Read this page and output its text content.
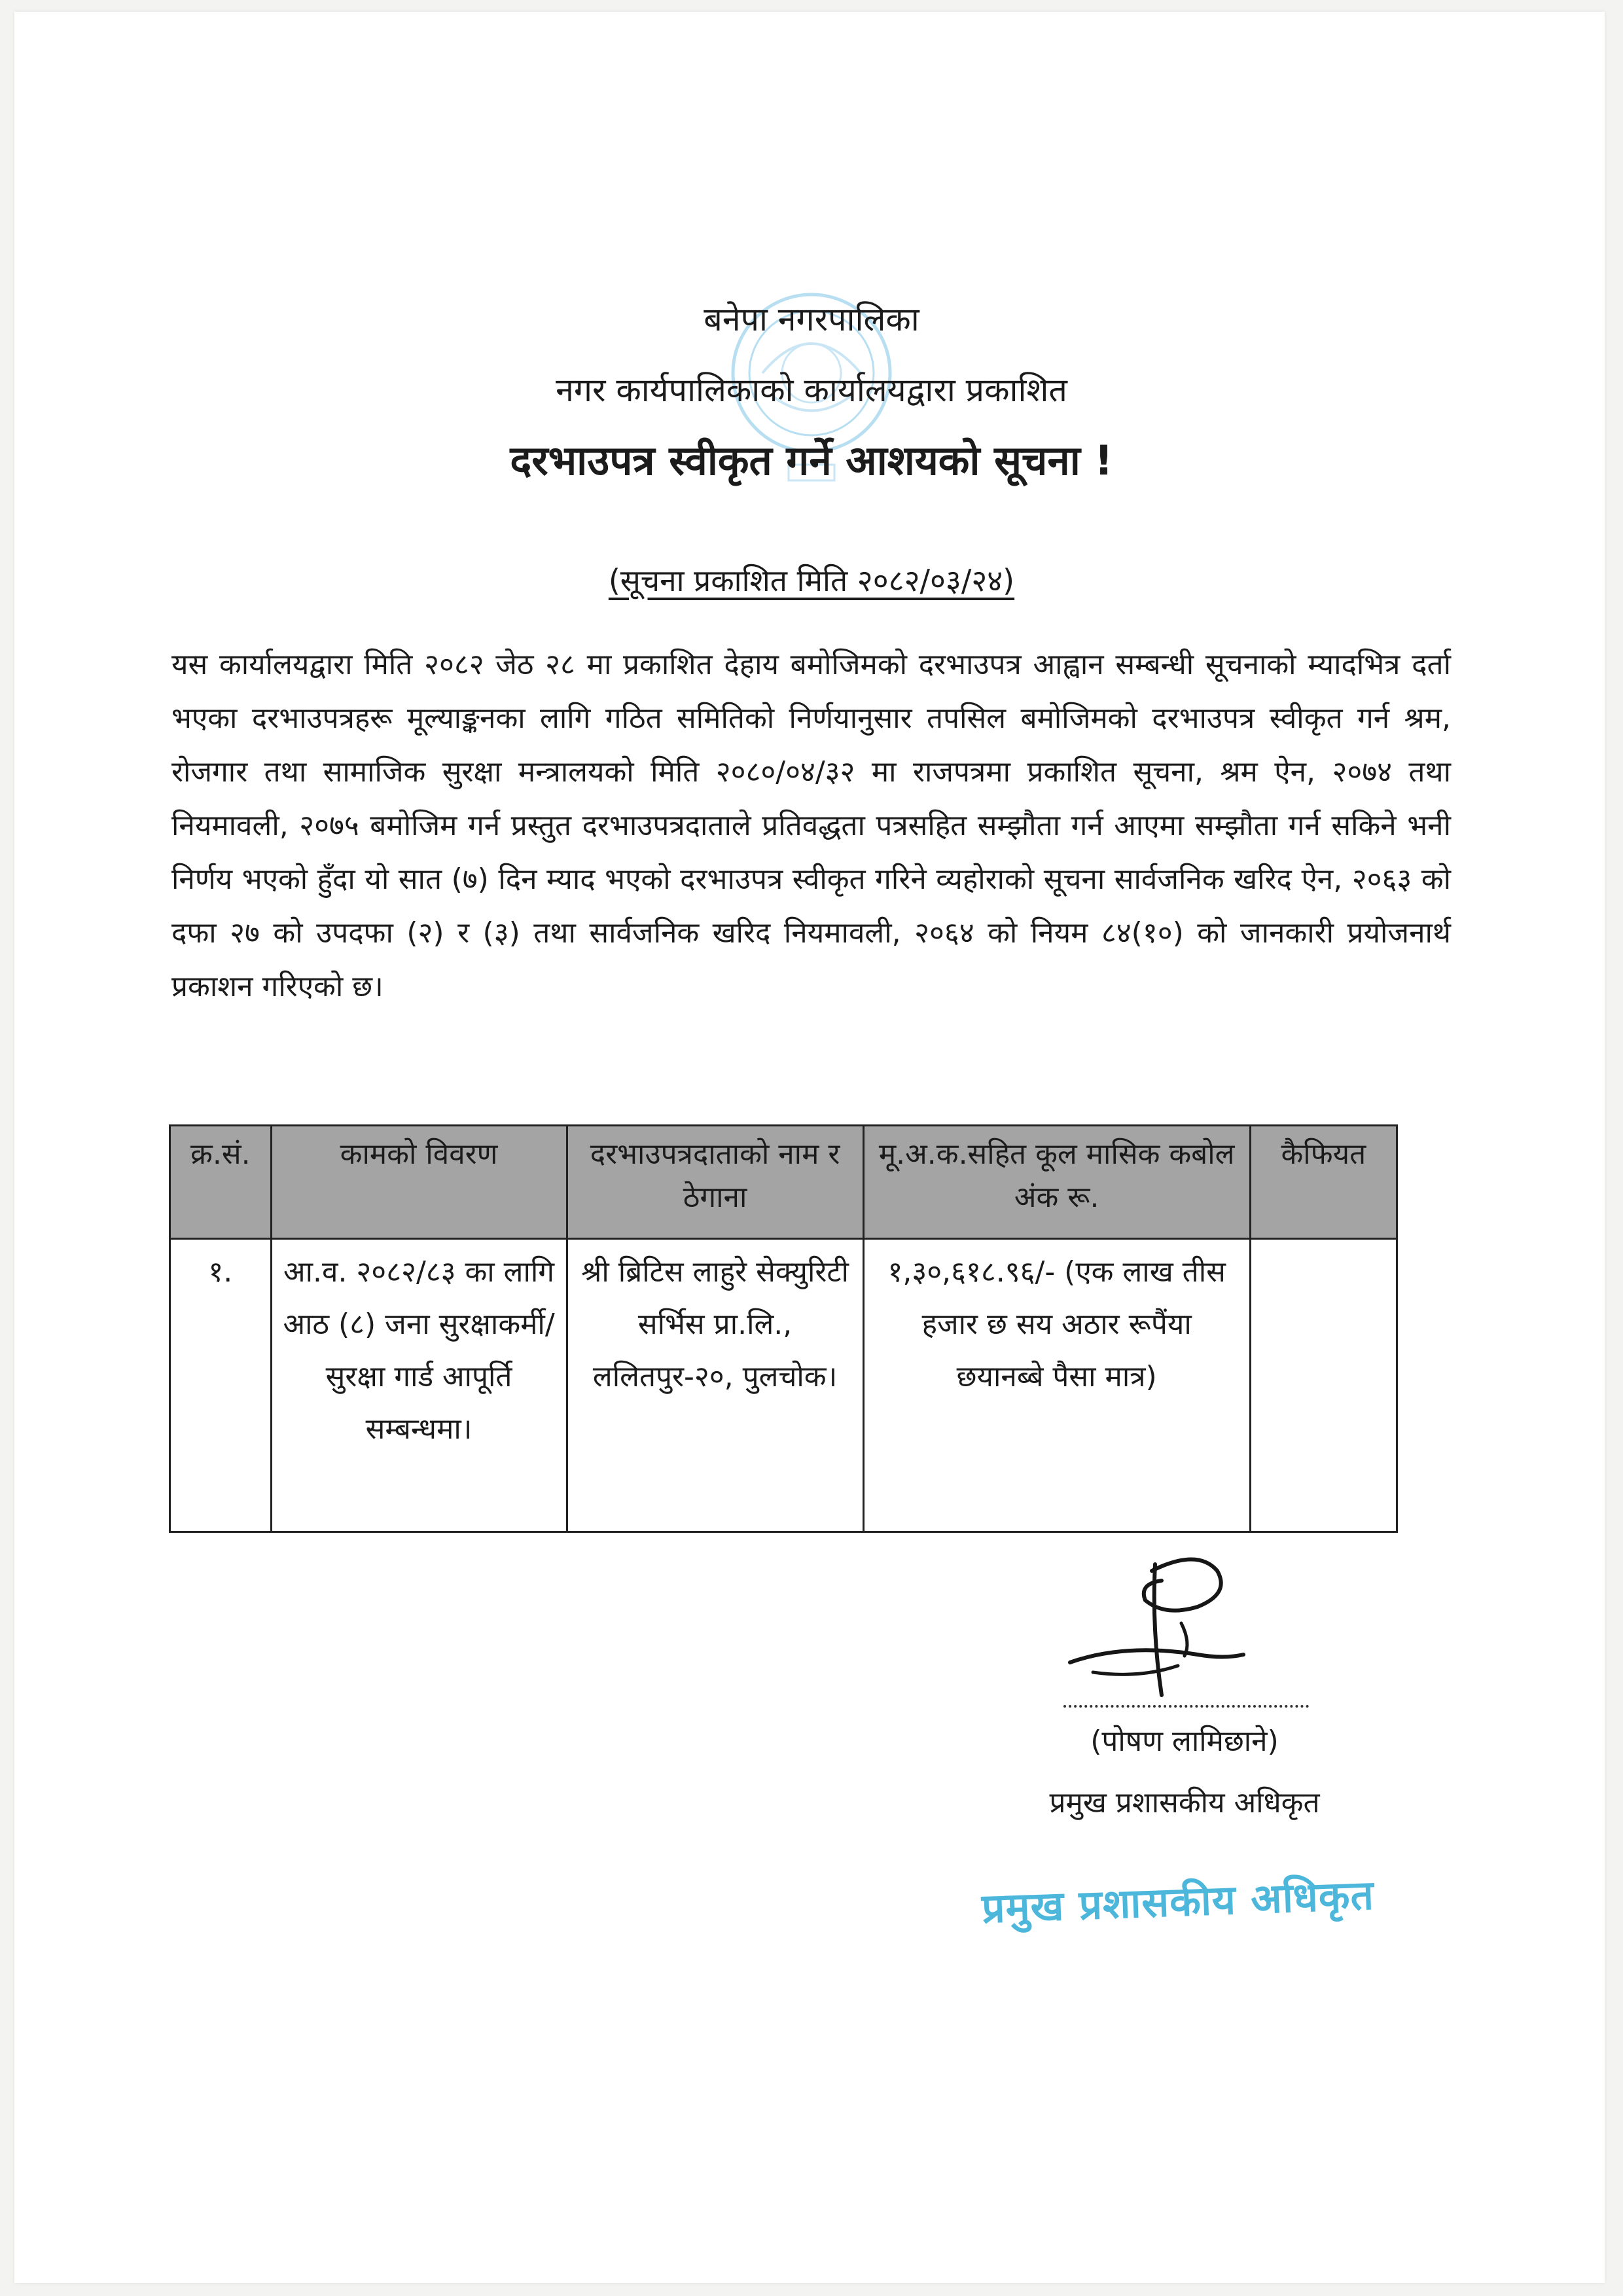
बनेपा नगरपालिका
नगर कार्यपालिकाको कार्यालयद्वारा प्रकाशित
दरभाउपत्र स्वीकृत गर्ने आशयको सूचना !
(सूचना प्रकाशित मिति २०८२/०३/२४)
यस कार्यालयद्वारा मिति २०८२ जेठ २८ मा प्रकाशित देहाय बमोजिमको दरभाउपत्र आह्वान सम्बन्धी सूचनाको म्यादभित्र दर्ता भएका दरभाउपत्रहरू मूल्याङ्कनका लागि गठित समितिको निर्णयानुसार तपसिल बमोजिमको दरभाउपत्र स्वीकृत गर्न श्रम, रोजगार तथा सामाजिक सुरक्षा मन्त्रालयको मिति २०८०/०४/३२ मा राजपत्रमा प्रकाशित सूचना, श्रम ऐन, २०७४ तथा नियमावली, २०७५ बमोजिम गर्न प्रस्तुत दरभाउपत्रदाताले प्रतिवद्धता पत्रसहित सम्झौता गर्न आएमा सम्झौता गर्न सकिने भनी निर्णय भएको हुँदा यो सात (७) दिन म्याद भएको दरभाउपत्र स्वीकृत गरिने व्यहोराको सूचना सार्वजनिक खरिद ऐन, २०६३ को दफा २७ को उपदफा (२) र (३) तथा सार्वजनिक खरिद नियमावली, २०६४ को नियम ८४(१०) को जानकारी प्रयोजनार्थ प्रकाशन गरिएको छ।
क्र.सं.	कामको विवरण	दरभाउपत्रदाताको नाम र ठेगाना	मू.अ.क.सहित कूल मासिक कबोल अंक रू.	कैफियत
१.	आ.व. २०८२/८३ का लागि आठ (८) जना सुरक्षाकर्मी/सुरक्षा गार्ड आपूर्ति सम्बन्धमा।	श्री ब्रिटिस लाहुरे सेक्युरिटी सर्भिस प्रा.लि., ललितपुर-२०, पुलचोक।	१,३०,६१८.९६/- (एक लाख तीस हजार छ सय अठार रूपैंया छयानब्बे पैसा मात्र)	
(पोषण लामिछाने)
प्रमुख प्रशासकीय अधिकृत
प्रमुख प्रशासकीय अधिकृत
